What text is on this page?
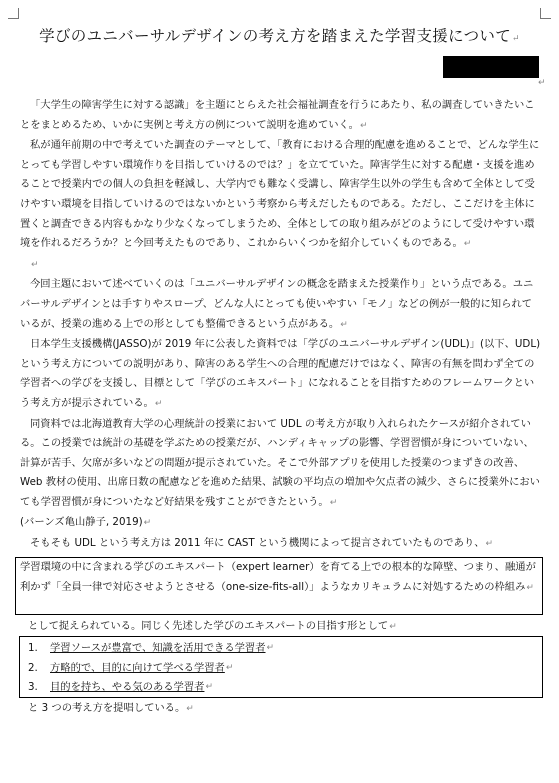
学びのユニバーサルデザインの考え方を踏まえた学習支援について↵
↵

「大学生の障害学生に対する認識」を主題にとらえた社会福祉調査を行うにあたり、私の調査していきたいことをまとめるため、いかに実例と考え方の例について説明を進めていく。↵

私が通年前期の中で考えていた調査のテーマとして、「教育における合理的配慮を進めることで、どんな学生にとっても学習しやすい環境作りを目指していけるのでは？」を立てていた。障害学生に対する配慮・支援を進めることで授業内での個人の負担を軽減し、大学内でも難なく受講し、障害学生以外の学生も含めて全体として受けやすい環境を目指していけるのではないかという考察から考えだしたものである。ただし、ここだけを主体に置くと調査できる内容もかなり少なくなってしまうため、全体としての取り組みがどのようにして受けやすい環境を作れるだろうか？と今回考えたものであり、これからいくつかを紹介していくものである。↵

↵

今回主題において述べていくのは「ユニバーサルデザインの概念を踏まえた授業作り」という点である。ユニバーサルデザインとは手すりやスロープ、どんな人にとっても使いやすい「モノ」などの例が一般的に知られているが、授業の進める上での形としても整備できるという点がある。↵

日本学生支援機構(JASSO)が 2019 年に公表した資料では「学びのユニバーサルデザイン(UDL)」(以下、UDL) という考え方についての説明があり、障害のある学生への合理的配慮だけではなく、障害の有無を問わず全ての学習者への学びを支援し、目標として「学びのエキスパート」になれることを目指すためのフレームワークという考え方が提示されている。↵

同資料では北海道教育大学の心理統計の授業において UDL の考え方が取り入れられたケースが紹介されている。この授業では統計の基礎を学ぶための授業だが、ハンディキャップの影響、学習習慣が身についていない、計算が苦手、欠席が多いなどの問題が提示されていた。そこで外部アプリを使用した授業のつまずきの改善、Web 教材の使用、出席日数の配慮などを進めた結果、試験の平均点の増加や欠点者の減少、さらに授業外においても学習習慣が身についたなど好結果を残すことができたという。↵

(バーンズ亀山静子, 2019)↵

そもそも UDL という考え方は 2011 年に CAST という機関によって提言されていたものであり、↵

学習環境の中に含まれる学びのエキスパート（expert learner）を育てる上での根本的な障壁、つまり、融通が利かず「全員一律で対応させようとさせる（one-size-fits-all）」ようなカリキュラムに対処するための枠組み↵
として捉えられている。同じく先述した学びのエキスパートの目指す形として↵
1.	学習ソースが豊富で、知識を活用できる学習者 ↵
2.	方略的で、目的に向けて学べる学習者 ↵
3.	目的を持ち、やる気のある学習者 ↵
と 3 つの考え方を提唱している。↵
